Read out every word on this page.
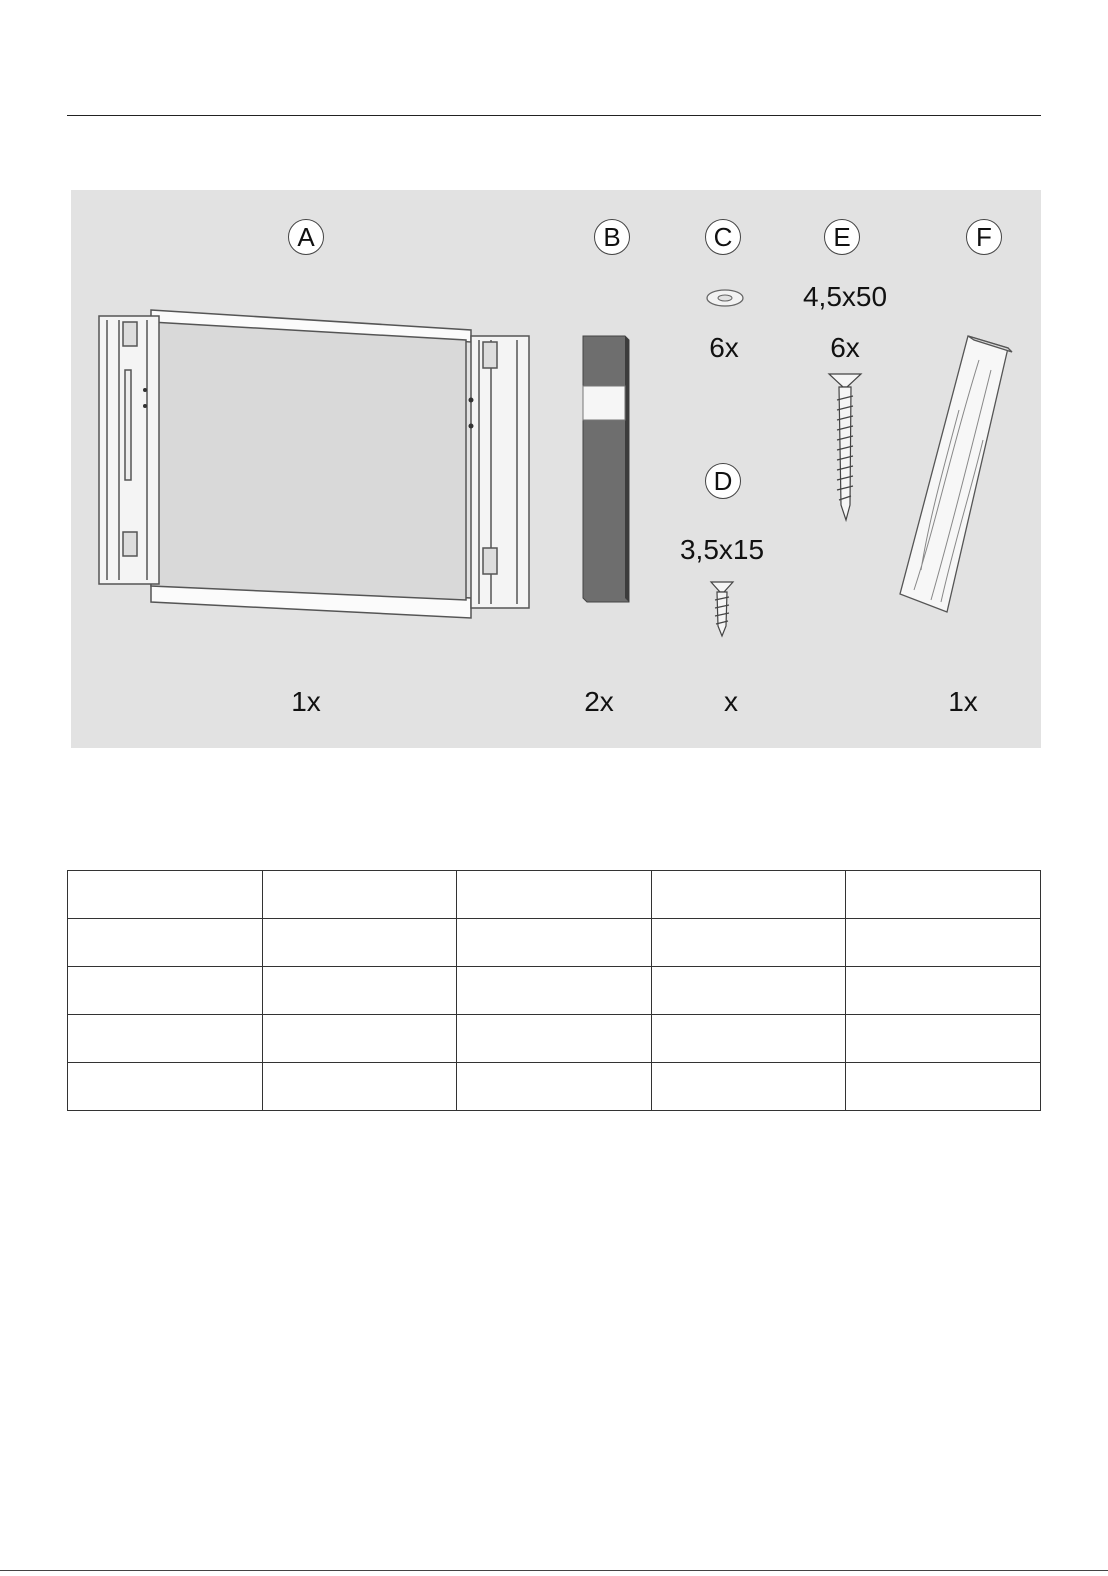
A
1x
B
2x
C
6x
D
3,5x15
x
E
4,5x50
6x
F
1x
